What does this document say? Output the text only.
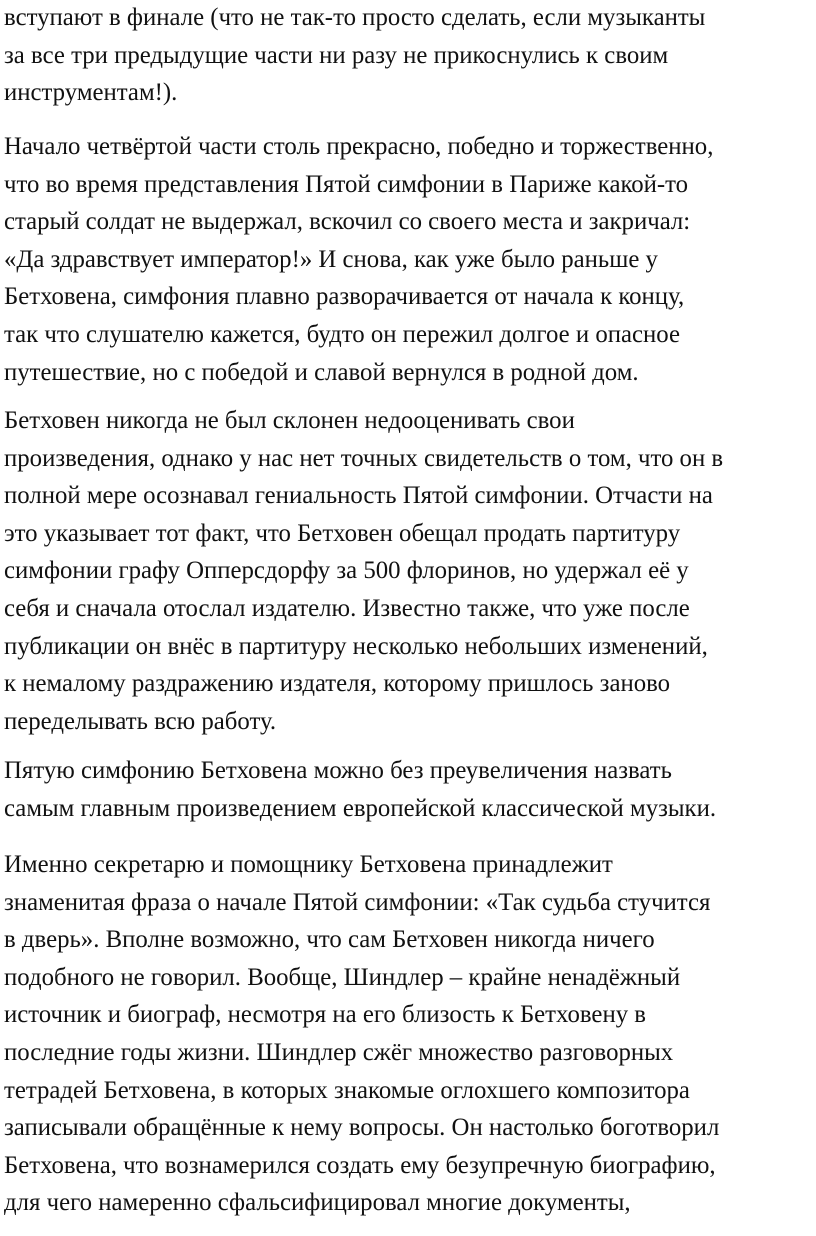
вступают в финале (что не так-то просто сделать, если музыканты
за все три предыдущие части ни разу не прикоснулись к своим
инструментам!).

Начало четвёртой части столь прекрасно, победно и торжественно,
что во время представления Пятой симфонии в Париже какой-то
старый солдат не выдержал, вскочил со своего места и закричал:
«Да здравствует император!» И снова, как уже было раньше у
Бетховена, симфония плавно разворачивается от начала к концу,
так что слушателю кажется, будто он пережил долгое и опасное
путешествие, но с победой и славой вернулся в родной дом.

Бетховен никогда не был склонен недооценивать свои
произведения, однако у нас нет точных свидетельств о том, что он в
полной мере осознавал гениальность Пятой симфонии. Отчасти на
это указывает тот факт, что Бетховен обещал продать партитуру
симфонии графу Опперсдорфу за 500 флоринов, но удержал её у
себя и сначала отослал издателю. Известно также, что уже после
публикации он внёс в партитуру несколько небольших изменений,
к немалому раздражению издателя, которому пришлось заново
переделывать всю работу.

Пятую симфонию Бетховена можно без преувеличения назвать
самым главным произведением европейской классической музыки.

Именно секретарю и помощнику Бетховена принадлежит
знаменитая фраза о начале Пятой симфонии: «Так судьба стучится
в дверь». Вполне возможно, что сам Бетховен никогда ничего
подобного не говорил. Вообще, Шиндлер – крайне ненадёжный
источник и биограф, несмотря на его близость к Бетховену в
последние годы жизни. Шиндлер сжёг множество разговорных
тетрадей Бетховена, в которых знакомые оглохшего композитора
записывали обращённые к нему вопросы. Он настолько боготворил
Бетховена, что вознамерился создать ему безупречную биографию,
для чего намеренно сфальсифицировал многие документы,
